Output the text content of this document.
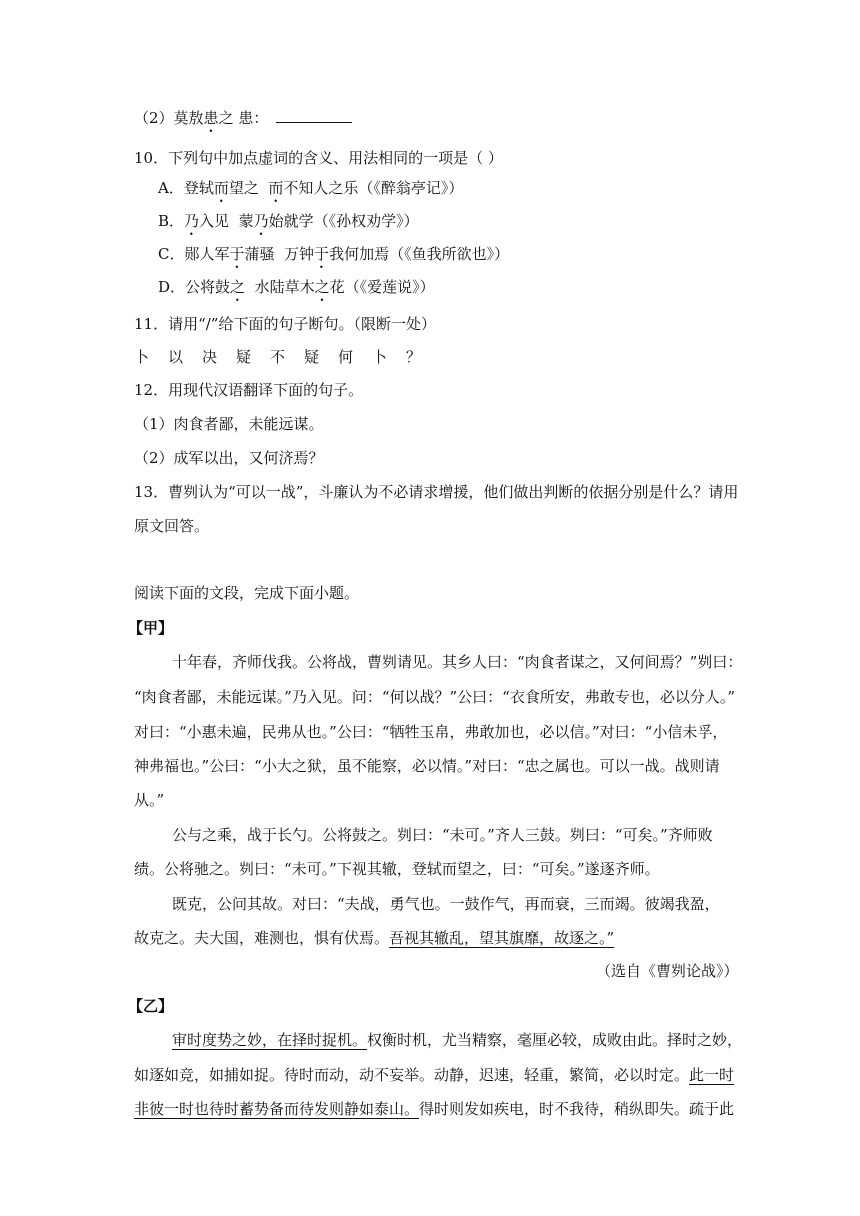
（2）莫敖患之 患：
10．下列句中加点虚词的含义、用法相同的一项是（ ）
A．登轼而望之  而不知人之乐（《醉翁亭记》）
B．乃入见  蒙乃始就学（《孙权劝学》）
C．郧人军于蒲骚  万钟于我何加焉（《鱼我所欲也》）
D．公将鼓之  水陆草木之花（《爱莲说》）
11．请用“/”给下面的句子断句。（限断一处）
卜 以 决 疑 不 疑 何 卜 ？
12．用现代汉语翻译下面的句子。
（1）肉食者鄙，未能远谋。
（2）成军以出，又何济焉？
13．曹刿认为“可以一战”，斗廉认为不必请求增援，他们做出判断的依据分别是什么？请用
原文回答。
阅读下面的文段，完成下面小题。
【甲】
十年春，齐师伐我。公将战，曹刿请见。其乡人曰：“肉食者谋之，又何间焉？”刿曰：
“肉食者鄙，未能远谋。”乃入见。问：“何以战？”公曰：“衣食所安，弗敢专也，必以分人。”
对曰：“小惠未遍，民弗从也。”公曰：“牺牲玉帛，弗敢加也，必以信。”对曰：“小信未孚，
神弗福也。”公曰：“小大之狱，虽不能察，必以情。”对曰：“忠之属也。可以一战。战则请
从。”
公与之乘，战于长勺。公将鼓之。刿曰：“未可。”齐人三鼓。刿曰：“可矣。”齐师败
绩。公将驰之。刿曰：“未可。”下视其辙，登轼而望之，曰：“可矣。”遂逐齐师。
既克，公问其故。对曰：“夫战，勇气也。一鼓作气，再而衰，三而竭。彼竭我盈，
故克之。夫大国，难测也，惧有伏焉。吾视其辙乱，望其旗靡，故逐之。”
（选自《曹刿论战》）
【乙】
审时度势之妙，在择时捉机。权衡时机，尤当精察，毫厘必较，成败由此。择时之妙，
如逐如竞，如捕如捉。待时而动，动不妄举。动静，迟速，轻重，繁简，必以时定。此一时
非彼一时也待时蓄势备而待发则静如泰山。得时则发如疾电，时不我待，稍纵即失。疏于此
